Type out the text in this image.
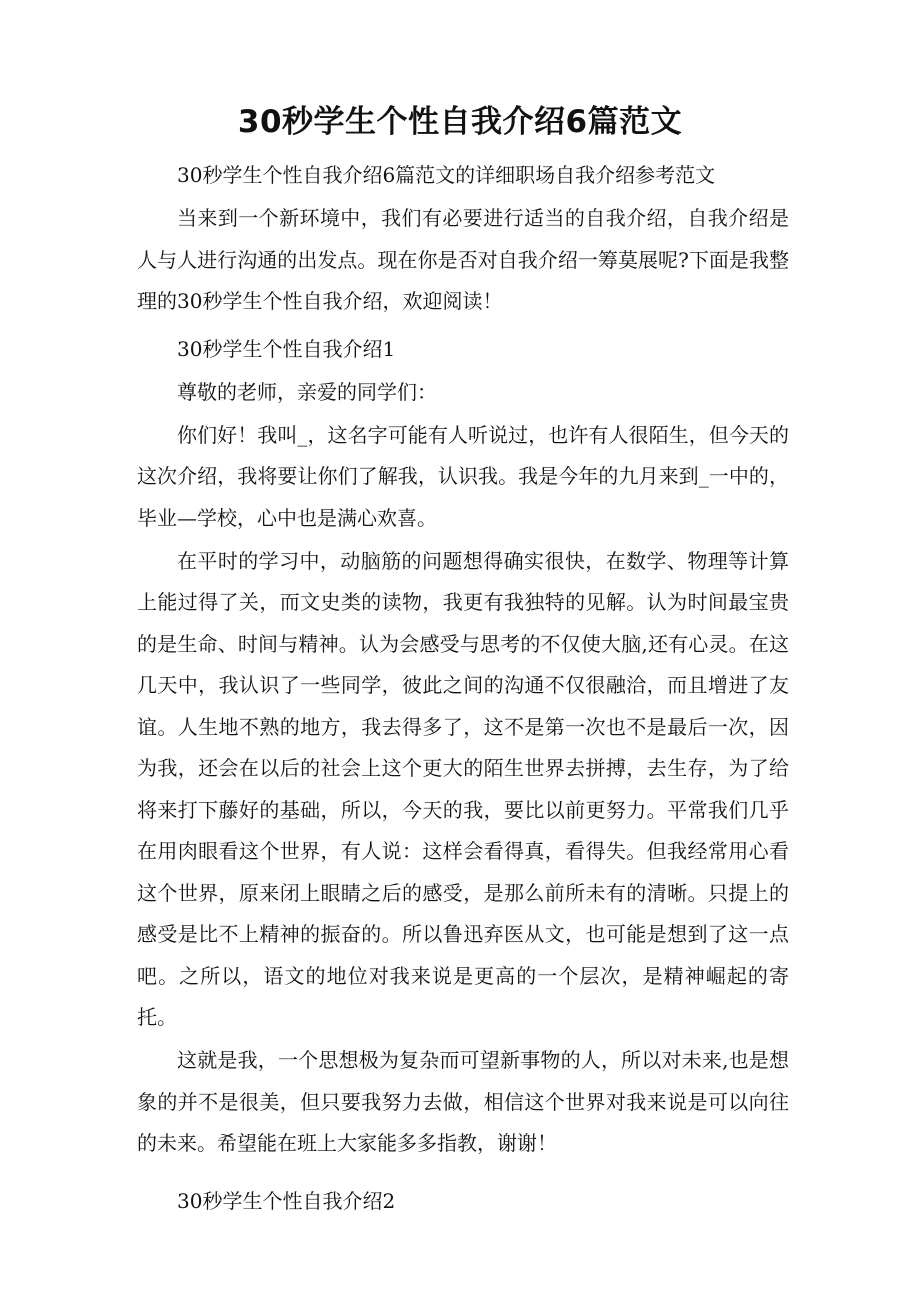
30秒学生个性自我介绍6篇范文

30秒学生个性自我介绍6篇范文的详细职场自我介绍参考范文

当来到一个新环境中，我们有必要进行适当的自我介绍，自我介绍是人与人进行沟通的出发点。现在你是否对自我介绍一筹莫展呢?下面是我整理的30秒学生个性自我介绍，欢迎阅读！

30秒学生个性自我介绍1

尊敬的老师，亲爱的同学们：

你们好！我叫_，这名字可能有人听说过，也许有人很陌生，但今天的这次介绍，我将要让你们了解我，认识我。我是今年的九月来到_一中的，毕业—学校，心中也是满心欢喜。

在平时的学习中，动脑筋的问题想得确实很快，在数学、物理等计算上能过得了关，而文史类的读物，我更有我独特的见解。认为时间最宝贵的是生命、时间与精神。认为会感受与思考的不仅使大脑,还有心灵。在这几天中，我认识了一些同学，彼此之间的沟通不仅很融洽，而且增进了友谊。人生地不熟的地方，我去得多了，这不是第一次也不是最后一次，因为我，还会在以后的社会上这个更大的陌生世界去拼搏，去生存，为了给将来打下藤好的基础，所以，今天的我，要比以前更努力。平常我们几乎在用肉眼看这个世界，有人说：这样会看得真，看得失。但我经常用心看这个世界，原来闭上眼睛之后的感受，是那么前所未有的清晰。只提上的感受是比不上精神的振奋的。所以鲁迅弃医从文，也可能是想到了这一点吧。之所以，语文的地位对我来说是更高的一个层次，是精神崛起的寄托。

这就是我，一个思想极为复杂而可望新事物的人，所以对未来,也是想象的并不是很美，但只要我努力去做，相信这个世界对我来说是可以向往的未来。希望能在班上大家能多多指教，谢谢！

30秒学生个性自我介绍2
